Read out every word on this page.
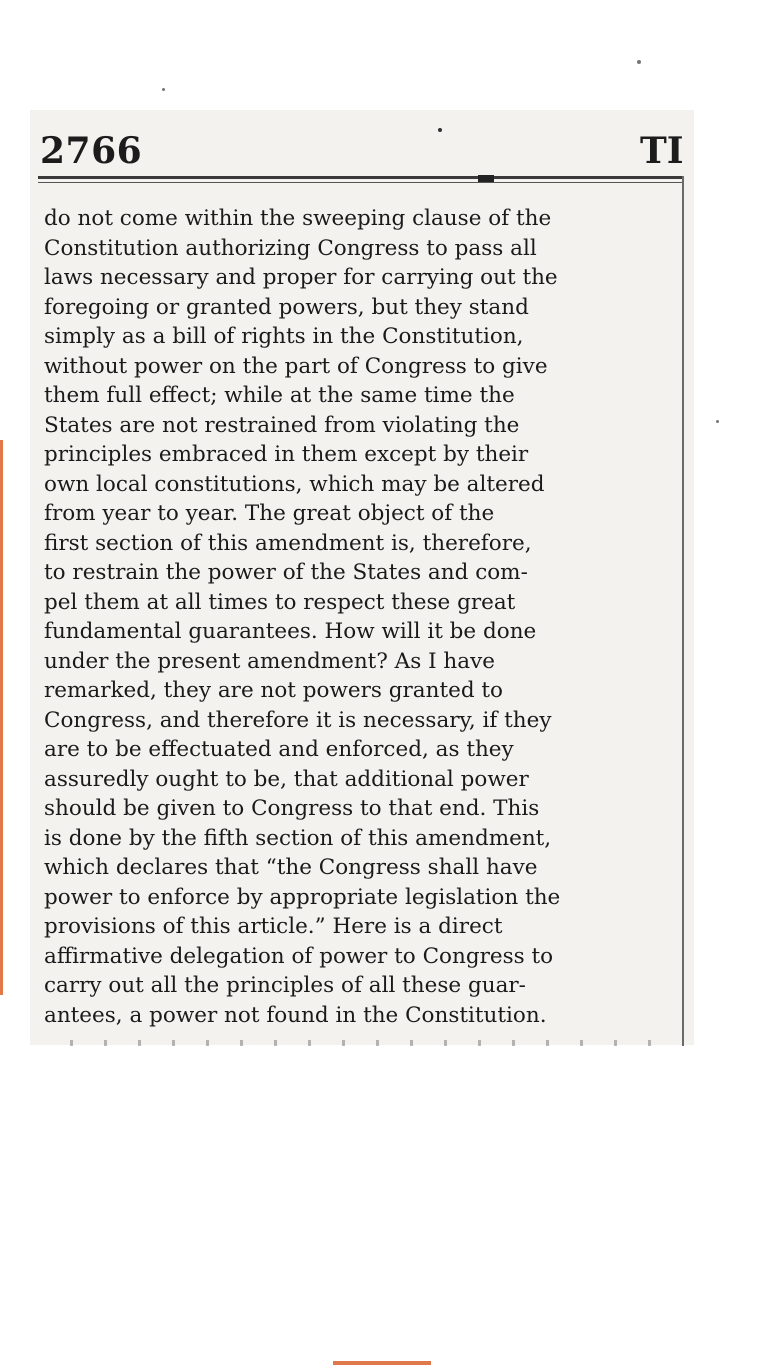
2766	TI
do not come within the sweeping clause of the
Constitution authorizing Congress to pass all
laws necessary and proper for carrying out the
foregoing or granted powers, but they stand
simply as a bill of rights in the Constitution,
without power on the part of Congress to give
them full effect; while at the same time the
States are not restrained from violating the
principles embraced in them except by their
own local constitutions, which may be altered
from year to year. The great object of the
first section of this amendment is, therefore,
to restrain the power of the States and com-
pel them at all times to respect these great
fundamental guarantees. How will it be done
under the present amendment? As I have
remarked, they are not powers granted to
Congress, and therefore it is necessary, if they
are to be effectuated and enforced, as they
assuredly ought to be, that additional power
should be given to Congress to that end. This
is done by the fifth section of this amendment,
which declares that “the Congress shall have
power to enforce by appropriate legislation the
provisions of this article.” Here is a direct
affirmative delegation of power to Congress to
carry out all the principles of all these guar-
antees, a power not found in the Constitution.
